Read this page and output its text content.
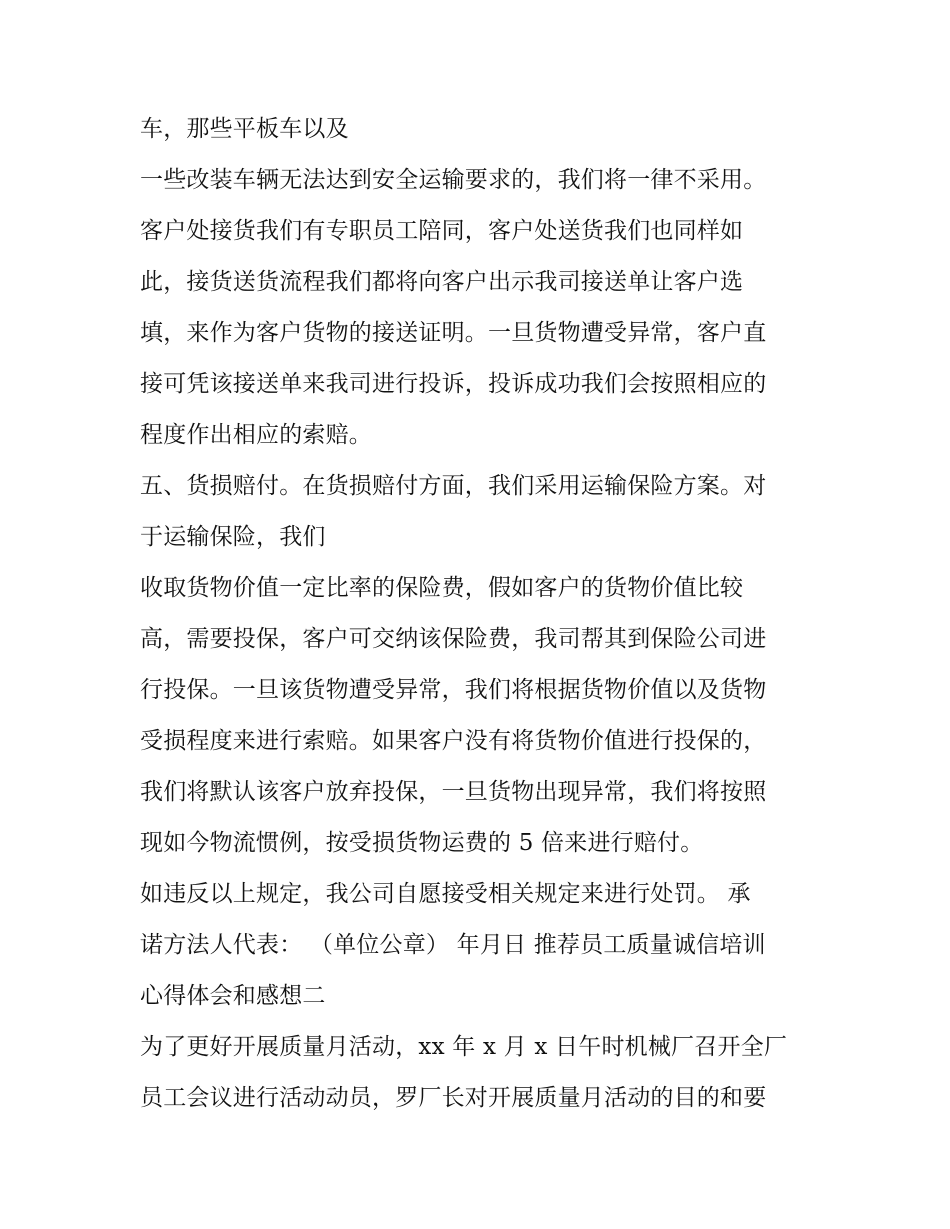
车，那些平板车以及
一些改装车辆无法达到安全运输要求的，我们将一律不采用。
客户处接货我们有专职员工陪同，客户处送货我们也同样如
此，接货送货流程我们都将向客户出示我司接送单让客户选
填，来作为客户货物的接送证明。一旦货物遭受异常，客户直
接可凭该接送单来我司进行投诉，投诉成功我们会按照相应的
程度作出相应的索赔。
五、货损赔付。在货损赔付方面，我们采用运输保险方案。对
于运输保险，我们
收取货物价值一定比率的保险费，假如客户的货物价值比较
高，需要投保，客户可交纳该保险费，我司帮其到保险公司进
行投保。一旦该货物遭受异常，我们将根据货物价值以及货物
受损程度来进行索赔。如果客户没有将货物价值进行投保的，
我们将默认该客户放弃投保，一旦货物出现异常，我们将按照
现如今物流惯例，按受损货物运费的 5 倍来进行赔付。
如违反以上规定，我公司自愿接受相关规定来进行处罚。 承
诺方法人代表： （单位公章） 年月日 推荐员工质量诚信培训
心得体会和感想二
为了更好开展质量月活动，xx 年 x 月 x 日午时机械厂召开全厂
员工会议进行活动动员，罗厂长对开展质量月活动的目的和要
